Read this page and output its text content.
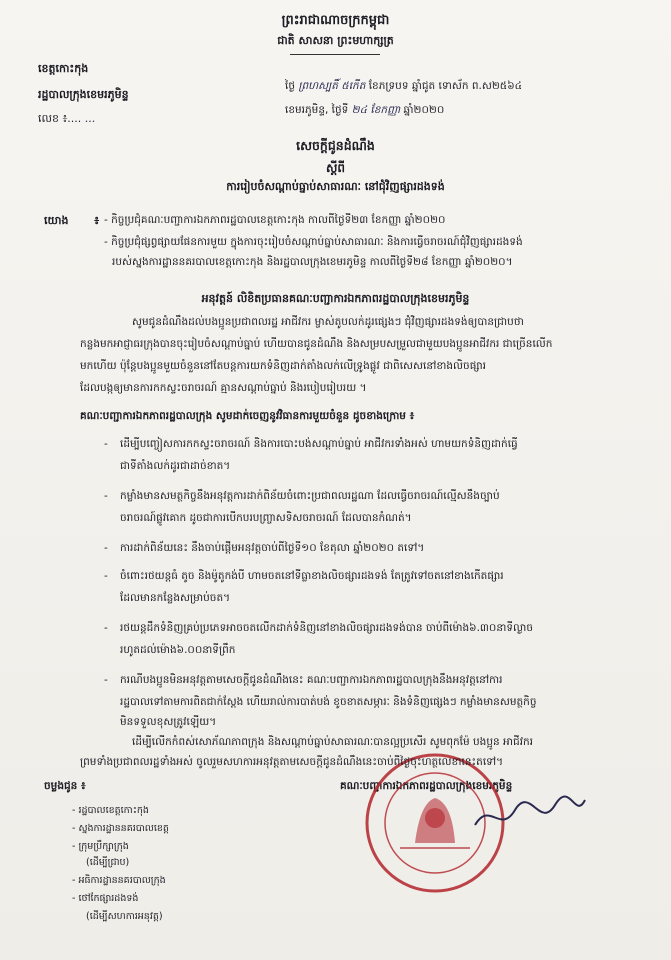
ព្រះរាជាណាចក្រកម្ពុជា
ជាតិ សាសនា ព្រះមហាក្សត្រ
ខេត្តកោះកុង
រដ្ឋបាលក្រុងខេមរភូមិន្ទ
លេខ ៖.... ...
ថ្ងៃ ព្រហស្បតិ៍ ៥កើត ខែភទ្របទ ឆ្នាំជូត ទោស័ក ព.ស២៥៦៤
ខេមរភូមិន្ទ, ថ្ងៃទី ២៤ ខែកញ្ញា ឆ្នាំ២០២០
សេចក្តីជូនដំណឹង
ស្តីពី
ការរៀបចំសណ្តាប់ធ្នាប់សាធារណៈ នៅជុំវិញផ្សារដងទង់
យោង ៖ - កិច្ចប្រជុំគណៈបញ្ជាការឯកភាពរដ្ឋបាលខេត្តកោះកុង កាលពីថ្ងៃទី២៣ ខែកញ្ញា ឆ្នាំ២០២០
- កិច្ចប្រជុំផ្សព្វផ្សាយផែនការមួយ ក្នុងការចុះរៀបចំសណ្តាប់ធ្នាប់សាធារណៈ និងការធ្វើចរាចរណ៍ជុំវិញផ្សារដងទង់
របស់ស្នងការដ្ឋាននគរបាលខេត្តកោះកុង និងរដ្ឋបាលក្រុងខេមរភូមិន្ទ កាលពីថ្ងៃទី២៨ ខែកញ្ញា ឆ្នាំ២០២០។
អនុវត្តន៍ លិខិតប្រធានគណៈបញ្ជាការឯកភាពរដ្ឋបាលក្រុងខេមរភូមិន្ទ
សូមជូនដំណឹងដល់បងប្អូនប្រជាពលរដ្ឋ អាជីវករ ម្ចាស់តូបលក់ដូរផ្សេងៗ ជុំវិញផ្សារដងទង់ឲ្យបានជ្រាបថា
កន្លងមកអាជ្ញាធរក្រុងបានចុះរៀបចំសណ្តាប់ធ្នាប់ ហើយបានជូនដំណឹង និងសម្របសម្រួលជាមួយបងប្អូនអាជីវករ ជាច្រើនលើក
មកហើយ ប៉ុន្តែបងប្អូនមួយចំនួននៅតែបន្តការយកទំនិញដាក់តាំងលក់លើទ្រូងផ្លូវ ជាពិសេសនៅខាងលិចផ្សារ
ដែលបង្កឲ្យមានការកកស្ទះចរាចរណ៍ គ្មានសណ្តាប់ធ្នាប់ និងរបៀបរៀបរយ ។
គណៈបញ្ជាការឯកភាពរដ្ឋបាលក្រុង សូមដាក់ចេញនូវវិធានការមួយចំនួន ដូចខាងក្រោម ៖
- ដើម្បីបញ្ចៀសការកកស្ទះចរាចរណ៍ និងការបោះបង់សណ្តាប់ធ្នាប់ អាជីវករទាំងអស់ ហាមយកទំនិញដាក់ធ្វើ
ជាទីតាំងលក់ដូរជាដាច់ខាត។
- កម្លាំងមានសមត្ថកិច្ចនឹងអនុវត្តការដាក់ពិន័យចំពោះប្រជាពលរដ្ឋណា ដែលធ្វើចរាចរណ៍ល្មើសនឹងច្បាប់
ចរាចរណ៍ផ្លូវគោក ដូចជាការបើកបរបញ្ច្រាសទិសចរាចរណ៍ ដែលបានកំណត់។
- ការដាក់ពិន័យនេះ នឹងចាប់ផ្តើមអនុវត្តចាប់ពីថ្ងៃទី១០ ខែតុលា ឆ្នាំ២០២០ តទៅ។
- ចំពោះរថយន្តធំ តូច និងម៉ូតូកង់បី ហាមចតនៅទីធ្លាខាងលិចផ្សារដងទង់ តែត្រូវទៅចតនៅខាងកើតផ្សារ
ដែលមានកន្លែងសម្រាប់ចត។
- រថយន្តដឹកទំនិញគ្រប់ប្រភេទអាចចតលើកដាក់ទំនិញនៅខាងលិចផ្សារដងទង់បាន ចាប់ពីម៉ោង៦.៣០នាទីល្ងាច
រហូតដល់ម៉ោង៦.០០នាទីព្រឹក
- ករណីបងប្អូនមិនអនុវត្តតាមសេចក្តីជូនដំណឹងនេះ គណៈបញ្ជាការឯកភាពរដ្ឋបាលក្រុងនឹងអនុវត្តនៅការ
រដ្ឋបាលទៅតាមការពិតជាក់ស្តែង ហើយរាល់ការបាត់បង់ ខូចខាតសម្ភារៈ និងទំនិញផ្សេងៗ កម្លាំងមានសមត្ថកិច្ច
មិនទទួលខុសត្រូវឡើយ។
គណៈបញ្ជាការឯកភាពរដ្ឋបាលក្រុងខេមរភូមិន្ទ
ដើម្បីលើកកំពស់សោភ័ណភាពក្រុង និងសណ្តាប់ធ្នាប់សាធារណៈបានល្អប្រសើរ សូមពុកម៉ែ បងប្អូន អាជីវករ
ចម្លងជូន ៖
- រដ្ឋបាលខេត្តកោះកុង
- ស្នងការដ្ឋាននគរបាលខេត្ត
- ក្រុមប្រឹក្សាក្រុង
(ដើម្បីជ្រាប)
- អធិការដ្ឋាននគរបាលក្រុង
- ថៅកែផ្សារដងទង់
(ដើម្បីសហការអនុវត្ត)
ព្រមទាំងប្រជាពលរដ្ឋទាំងអស់ ចូលរួមសហការអនុវត្តតាមសេចក្តីជូនដំណឹងនេះចាប់ពីថ្ងៃចុះហត្ថលេខានេះតទៅ។
